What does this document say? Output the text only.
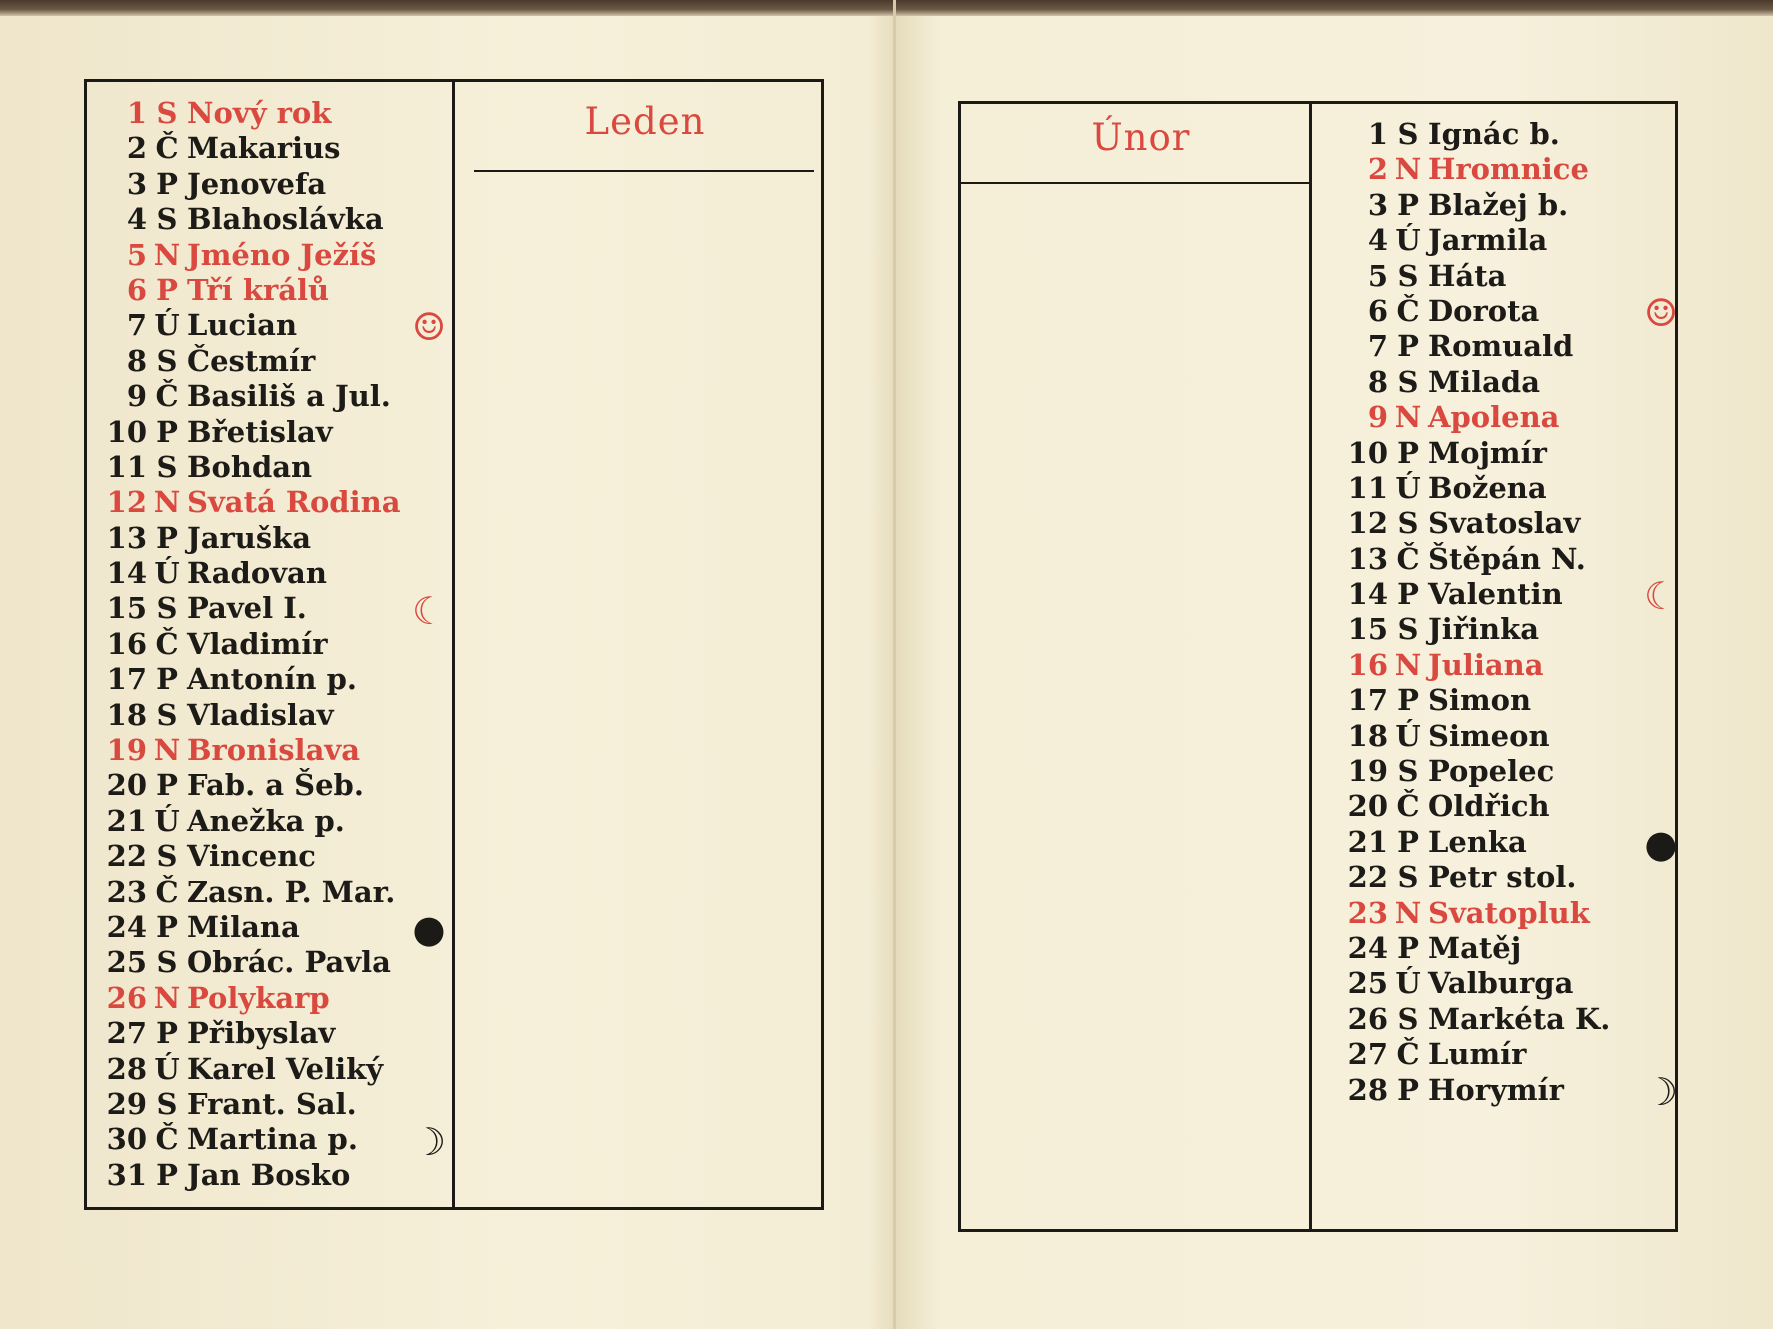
Leden
1 S Nový rok
2 Č Makarius
3 P Jenovefa
4 S Blahoslávka
5 N Jméno Ježíš
6 P Tří králů
7 Ú Lucian
8 S Čestmír
9 Č Basiliš a Jul.
10 P Břetislav
11 S Bohdan
12 N Svatá Rodina
13 P Jaruška
14 Ú Radovan
15 S Pavel I.
16 Č Vladimír
17 P Antonín p.
18 S Vladislav
19 N Bronislava
20 P Fab. a Šeb.
21 Ú Anežka p.
22 S Vincenc
23 Č Zasn. P. Mar.
24 P Milana
25 S Obrác. Pavla
26 N Polykarp
27 P Přibyslav
28 Ú Karel Veliký
29 S Frant. Sal.
30 Č Martina p.
31 P Jan Bosko
☺
☾
●
☽
Únor	1 S Ignác b.
2 N Hromnice
3 P Blažej b.
4 Ú Jarmila
5 S Háta
6 Č Dorota
7 P Romuald
8 S Milada
9 N Apolena
10 P Mojmír
11 Ú Božena
12 S Svatoslav
13 Č Štěpán N.
14 P Valentin
15 S Jiřinka
16 N Juliana
17 P Simon
18 Ú Simeon
19 S Popelec
20 Č Oldřich
21 P Lenka
22 S Petr stol.
23 N Svatopluk
24 P Matěj
25 Ú Valburga
26 S Markéta K.
27 Č Lumír
28 P Horymír
☺
☾
●
☽
